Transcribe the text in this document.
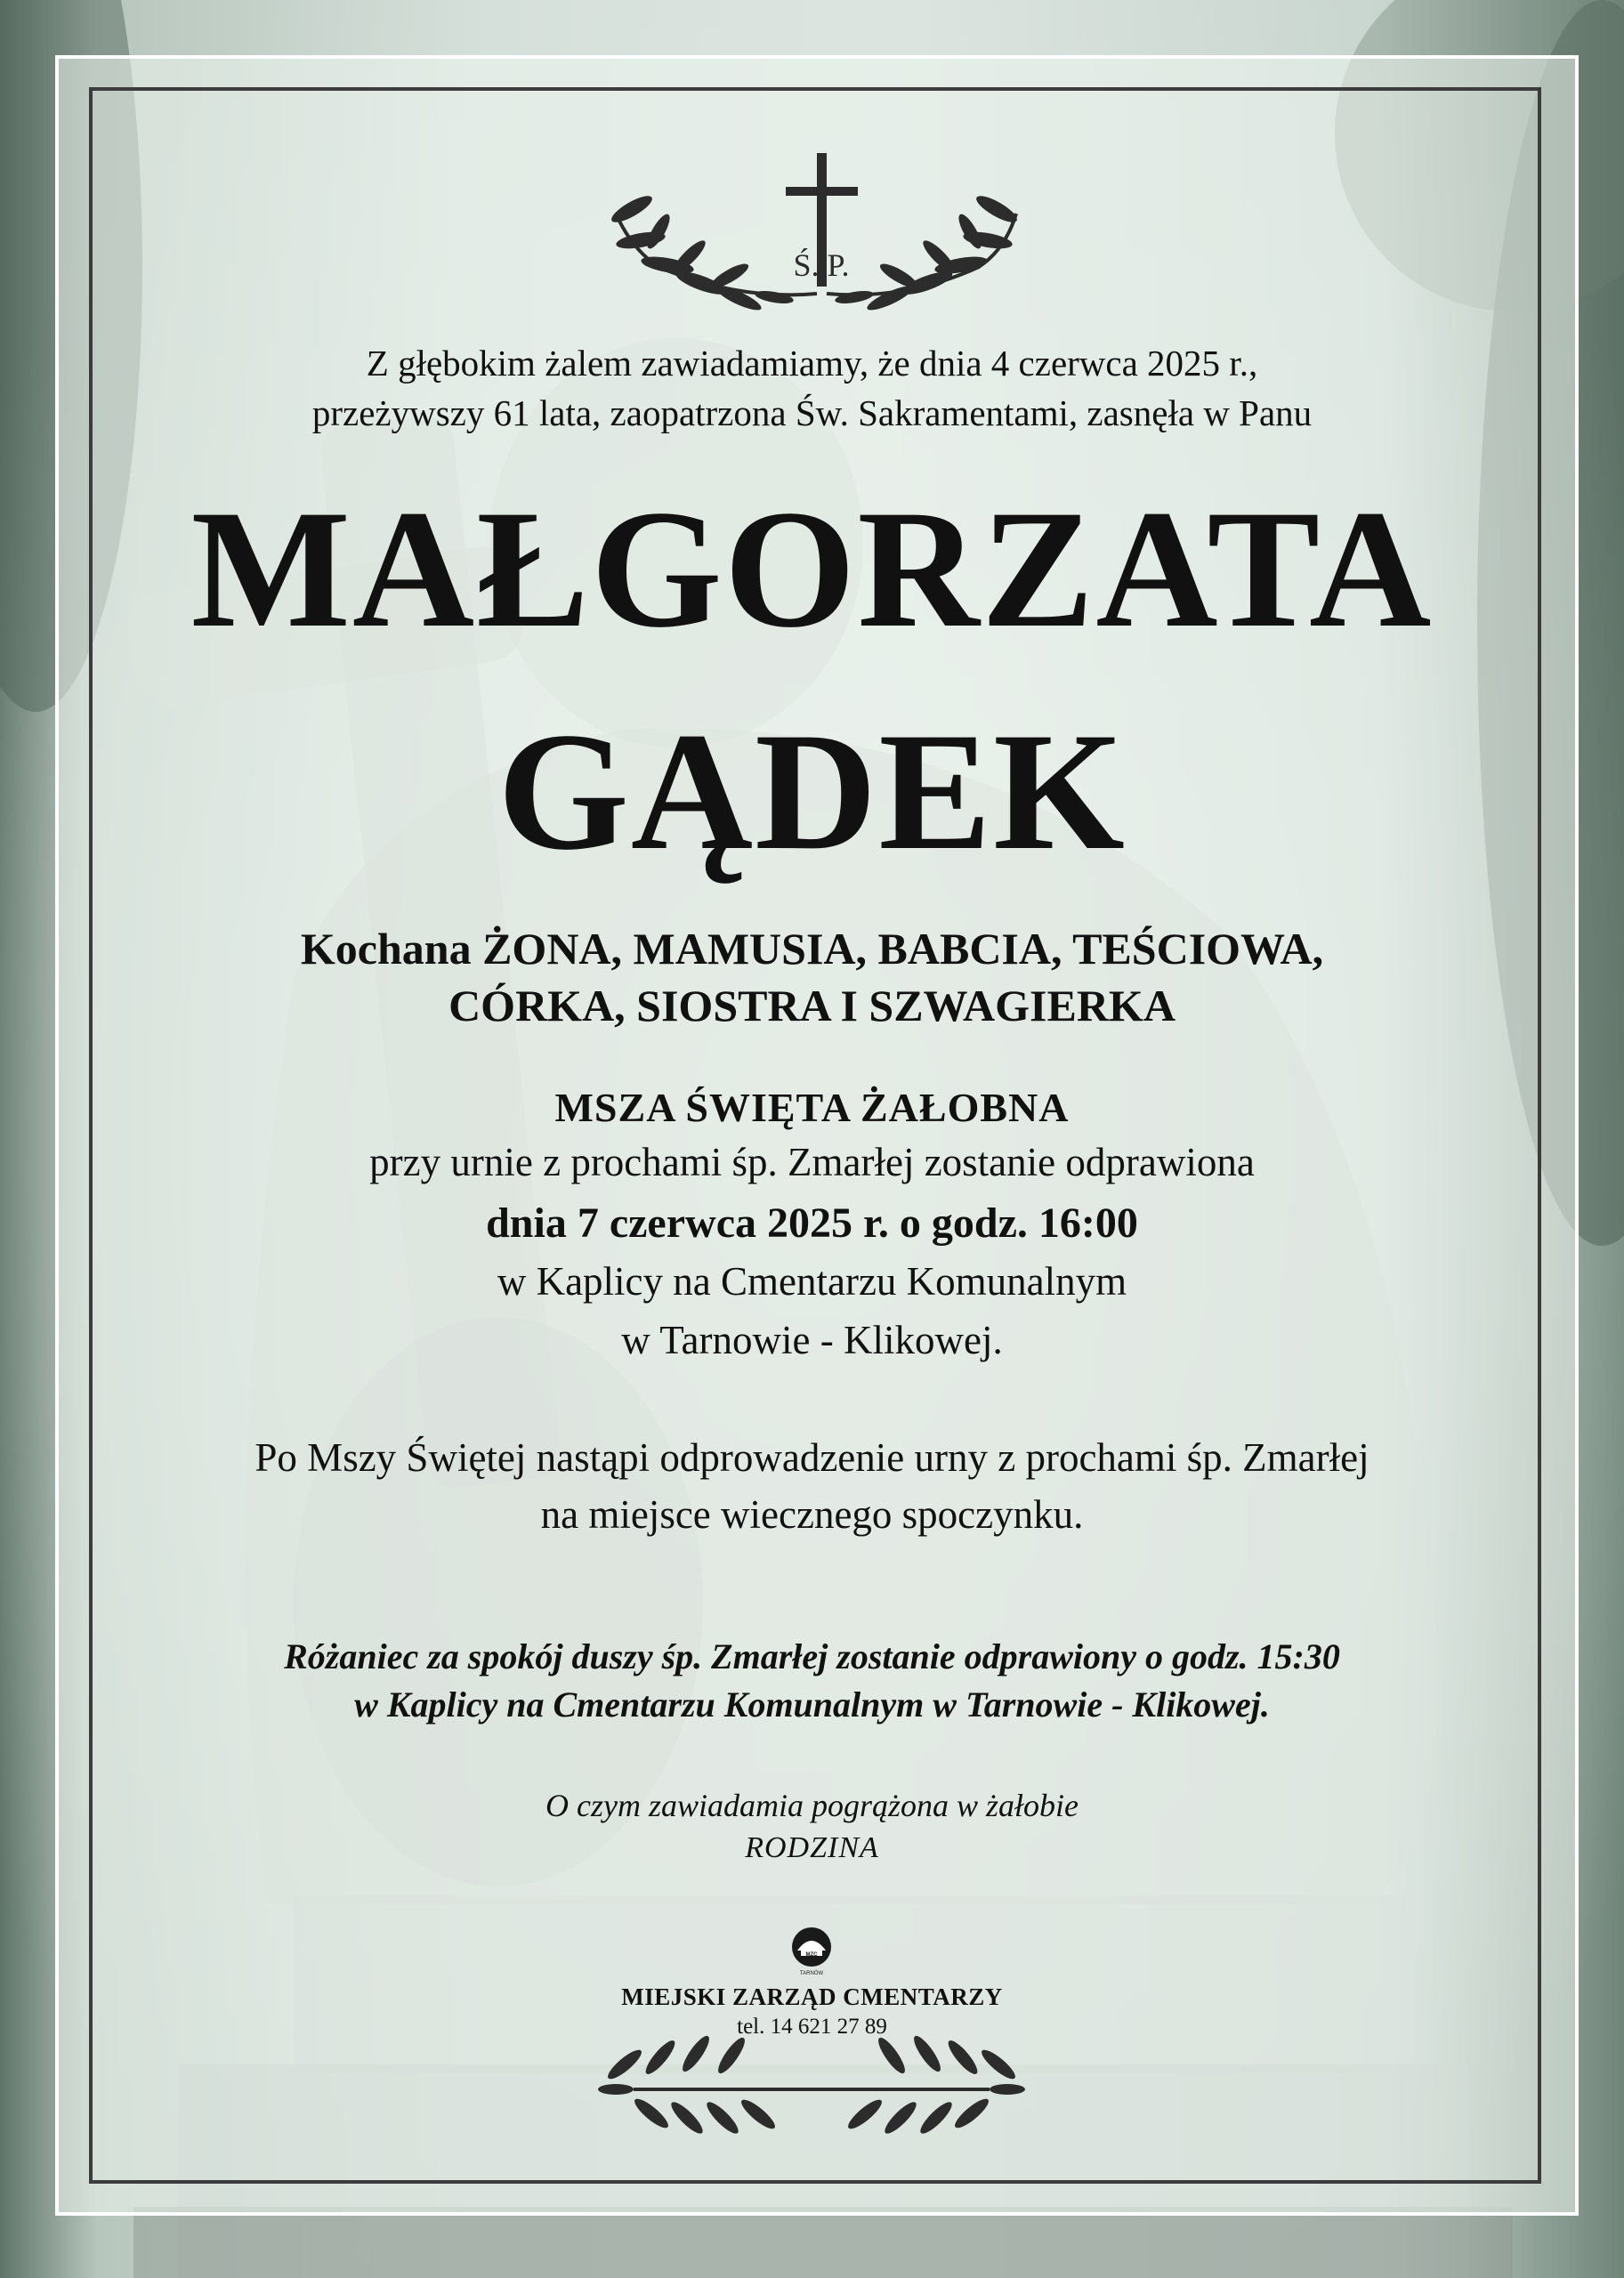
Ś. P.
Z głębokim żalem zawiadamiamy, że dnia 4 czerwca 2025 r.,
przeżywszy 61 lata, zaopatrzona Św. Sakramentami, zasnęła w Panu
MAŁGORZATA
GĄDEK
Kochana ŻONA, MAMUSIA, BABCIA, TEŚCIOWA,
CÓRKA, SIOSTRA I SZWAGIERKA
MSZA ŚWIĘTA ŻAŁOBNA
przy urnie z prochami śp. Zmarłej zostanie odprawiona
dnia 7 czerwca 2025 r. o godz. 16:00
w Kaplicy na Cmentarzu Komunalnym
w Tarnowie - Klikowej.
Po Mszy Świętej nastąpi odprowadzenie urny z prochami śp. Zmarłej
na miejsce wiecznego spoczynku.
Różaniec za spokój duszy śp. Zmarłej zostanie odprawiony o godz. 15:30
w Kaplicy na Cmentarzu Komunalnym w Tarnowie - Klikowej.
O czym zawiadamia pogrążona w żałobie
RODZINA
MZC
TARNÓW
MIEJSKI ZARZĄD CMENTARZY
tel. 14 621 27 89
